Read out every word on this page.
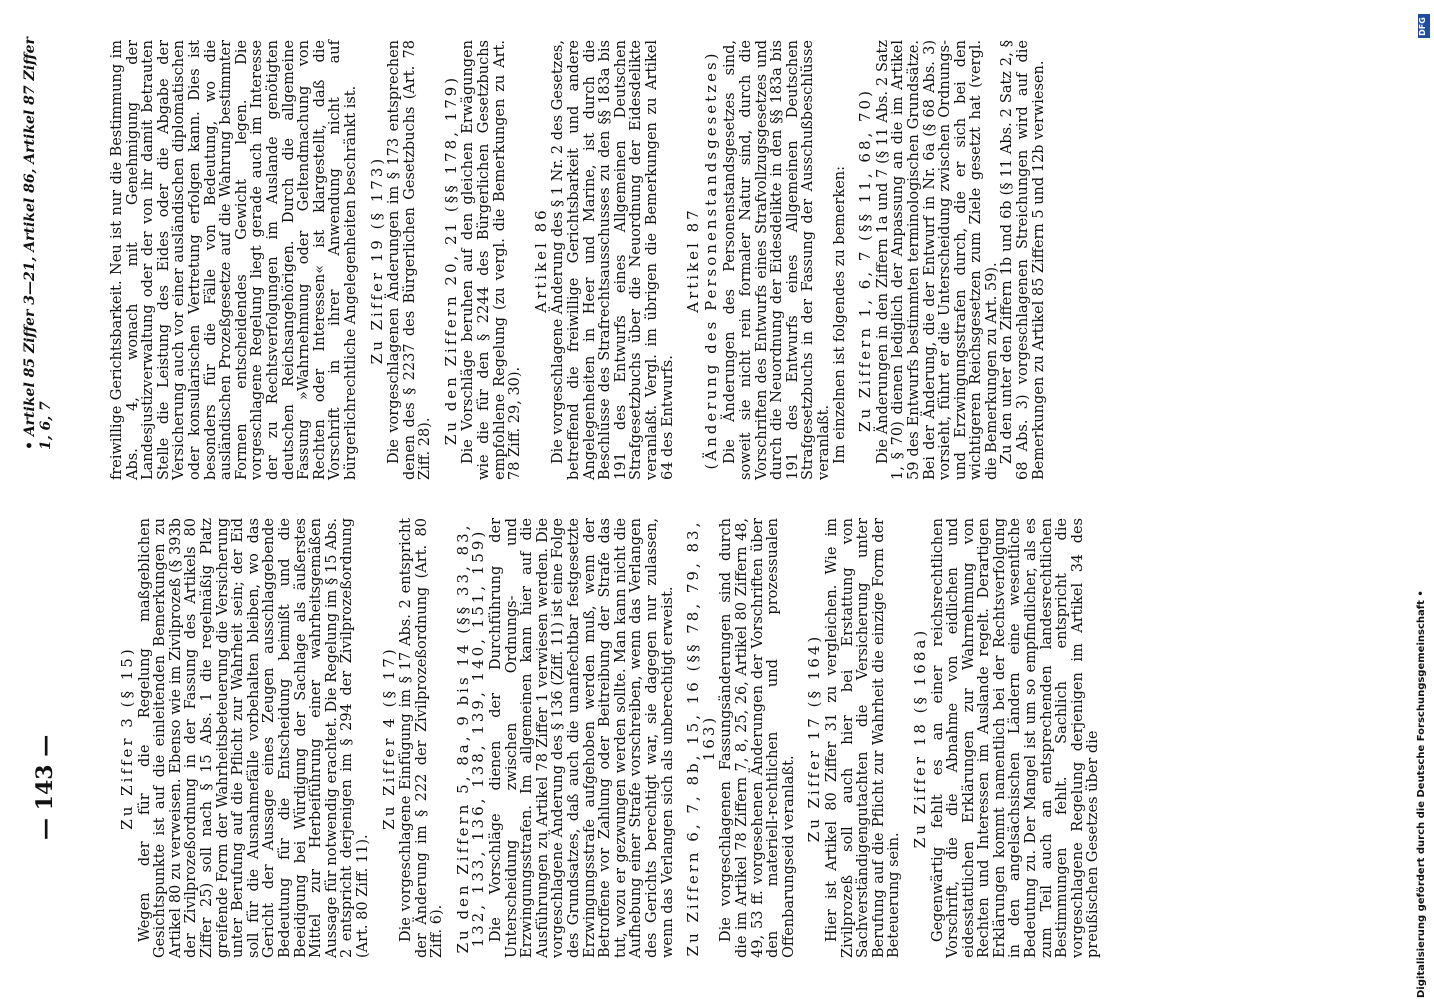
— 143 —
• Artikel 85 Ziffer 3—21, Artikel 86, Artikel 87 Ziffer 1, 6, 7
Zu Ziffer 3 (§ 15) Wegen der für die Regelung maßgeblichen Gesichtspunkte ist auf die einleitenden Bemerkungen zu Artikel 80 zu verweisen. Ebenso wie im Zivilprozeß (§ 393b der Zivilprozeßordnung in der Fassung des Artikels 80 Ziffer 25) soll nach § 15 Abs. 1 die regelmäßig Platz greifende Form der Wahrheitsbeteuerung die Versicherung unter Berufung auf die Pflicht zur Wahrheit sein; der Eid soll für die Ausnahmefälle vorbehalten bleiben, wo das Gericht der Aussage eines Zeugen ausschlaggebende Bedeutung für die Entscheidung beimißt und die Beeidigung bei Würdigung der Sachlage als äußerstes Mittel zur Herbeiführung einer wahrheitsgemäßen Aussage für notwendig erachtet. Die Regelung im § 15 Abs. 2 entspricht derjenigen im § 294 der Zivilprozeßordnung (Art. 80 Ziff. 11).

Zu Ziffer 4 (§ 17) Die vorgeschlagene Einfügung im § 17 Abs. 2 entspricht der Änderung im § 222 der Zivilprozeßordnung (Art. 80 Ziff. 6). Zu den Ziffern 5, 8a, 9 bis 14 (§§ 33, 83, 132, 133, 136, 138, 139, 140, 151, 159) Die Vorschläge dienen der Durchführung der Unterscheidung zwischen Ordnungs- und Erzwingungsstrafen. Im allgemeinen kann hier auf die Ausführungen zu Artikel 78 Ziffer 1 verwiesen werden. Die vorgeschlagene Änderung des § 136 (Ziff. 11) ist eine Folge des Grundsatzes, daß auch die unanfechtbar festgesetzte Erzwingungsstrafe aufgehoben werden muß, wenn der Betroffene vor Zahlung oder Beitreibung der Strafe das tut, wozu er gezwungen werden sollte. Man kann nicht die Aufhebung einer Strafe vorschreiben, wenn das Verlangen des Gerichts berechtigt war, sie dagegen nur zulassen, wenn das Verlangen sich als unberechtigt erweist. Zu Ziffern 6, 7, 8b, 15, 16 (§§ 78, 79, 83, 163) Die vorgeschlagenen Fassungsänderungen sind durch die im Artikel 78 Ziffern 7, 8, 25, 26, Artikel 80 Ziffern 48, 49, 53 ff. vorgesehenen Änderungen der Vorschriften über den materiell-rechtlichen und prozessualen Offenbarungseid veranlaßt.

Zu Ziffer 17 (§ 164) Hier ist Artikel 80 Ziffer 31 zu vergleichen. Wie im Zivilprozeß soll auch hier bei Erstattung von Sachverständigengutachten die Versicherung unter Berufung auf die Pflicht zur Wahrheit die einzige Form der Beteuerung sein.

Zu Ziffer 18 (§ 168a) Gegenwärtig fehlt es an einer reichsrechtlichen Vorschrift, die die Abnahme von eidlichen und eidesstattlichen Erklärungen zur Wahrnehmung von Rechten und Interessen im Auslande regelt. Derartigen Erklärungen kommt namentlich bei der Rechtsverfolgung in den angelsächsischen Ländern eine wesentliche Bedeutung zu. Der Mangel ist um so empfindlicher, als es zum Teil auch an entsprechenden landesrechtlichen Bestimmungen fehlt. Sachlich entspricht die vorgeschlagene Regelung derjenigen im Artikel 34 des preußischen Gesetzes über die

freiwillige Gerichtsbarkeit. Neu ist nur die Bestimmung im Abs. 4, wonach mit Genehmigung der Landesjustizverwaltung oder der von ihr damit betrauten Stelle die Leistung des Eides oder die Abgabe der Versicherung auch vor einer ausländischen diplomatischen oder konsularischen Vertretung erfolgen kann. Dies ist besonders für die Fälle von Bedeutung, wo die ausländischen Prozeßgesetze auf die Wahrung bestimmter Formen entscheidendes Gewicht legen. Die vorgeschlagene Regelung liegt gerade auch im Interesse der zu Rechtsverfolgungen im Auslande genötigten deutschen Reichsangehörigen. Durch die allgemeine Fassung »Wahrnehmung oder Geltendmachung von Rechten oder Interessen« ist klargestellt, daß die Vorschrift in ihrer Anwendung nicht auf bürgerlichrechtliche Angelegenheiten beschränkt ist. Zu Ziffer 19 (§ 173) Die vorgeschlagenen Änderungen im § 173 entsprechen denen des § 2237 des Bürgerlichen Gesetzbuchs (Art. 78 Ziff. 28).

Zu den Ziffern 20, 21 (§§ 178, 179) Die Vorschläge beruhen auf den gleichen Erwägungen wie die für den § 2244 des Bürgerlichen Gesetzbuchs empfohlene Regelung (zu vergl. die Bemerkungen zu Art. 78 Ziff. 29, 30).

Artikel 86 Die vorgeschlagene Änderung des § 1 Nr. 2 des Gesetzes, betreffend die freiwillige Gerichtsbarkeit und andere Angelegenheiten in Heer und Marine, ist durch die Beschlüsse des Strafrechtsausschusses zu den §§ 183a bis 191 des Entwurfs eines Allgemeinen Deutschen Strafgesetzbuchs über die Neuordnung der Eidesdelikte veranlaßt. Vergl. im übrigen die Bemerkungen zu Artikel 64 des Entwurfs.

Artikel 87 (Änderung des Personenstandsgesetzes) Die Änderungen des Personenstandsgesetzes sind, soweit sie nicht rein formaler Natur sind, durch die Vorschriften des Entwurfs eines Strafvollzugsgesetzes und durch die Neuordnung der Eidesdelikte in den §§ 183a bis 191 des Entwurfs eines Allgemeinen Deutschen Strafgesetzbuchs in der Fassung der Ausschußbeschlüsse veranlaßt. Im einzelnen ist folgendes zu bemerken: Zu Ziffern 1, 6, 7 (§§ 11, 68, 70) Die Änderungen in den Ziffern 1a und 7 (§ 11 Abs. 2 Satz 1, § 70) dienen lediglich der Anpassung an die im Artikel 59 des Entwurfs bestimmten terminologischen Grundsätze. Bei der Änderung, die der Entwurf in Nr. 6a (§ 68 Abs. 3) vorsieht, führt er die Unterscheidung zwischen Ordnungs- und Erzwingungsstrafen durch, die er sich bei den wichtigeren Reichsgesetzen zum Ziele gesetzt hat (vergl. die Bemerkungen zu Art. 59). Zu den unter den Ziffern 1b und 6b (§ 11 Abs. 2 Satz 2, § 68 Abs. 3) vorgeschlagenen Streichungen wird auf die Bemerkungen zu Artikel 85 Ziffern 5 und 12b verwiesen.

DFG
Digitalisierung gefördert durch die Deutsche Forschungsgemeinschaft •
